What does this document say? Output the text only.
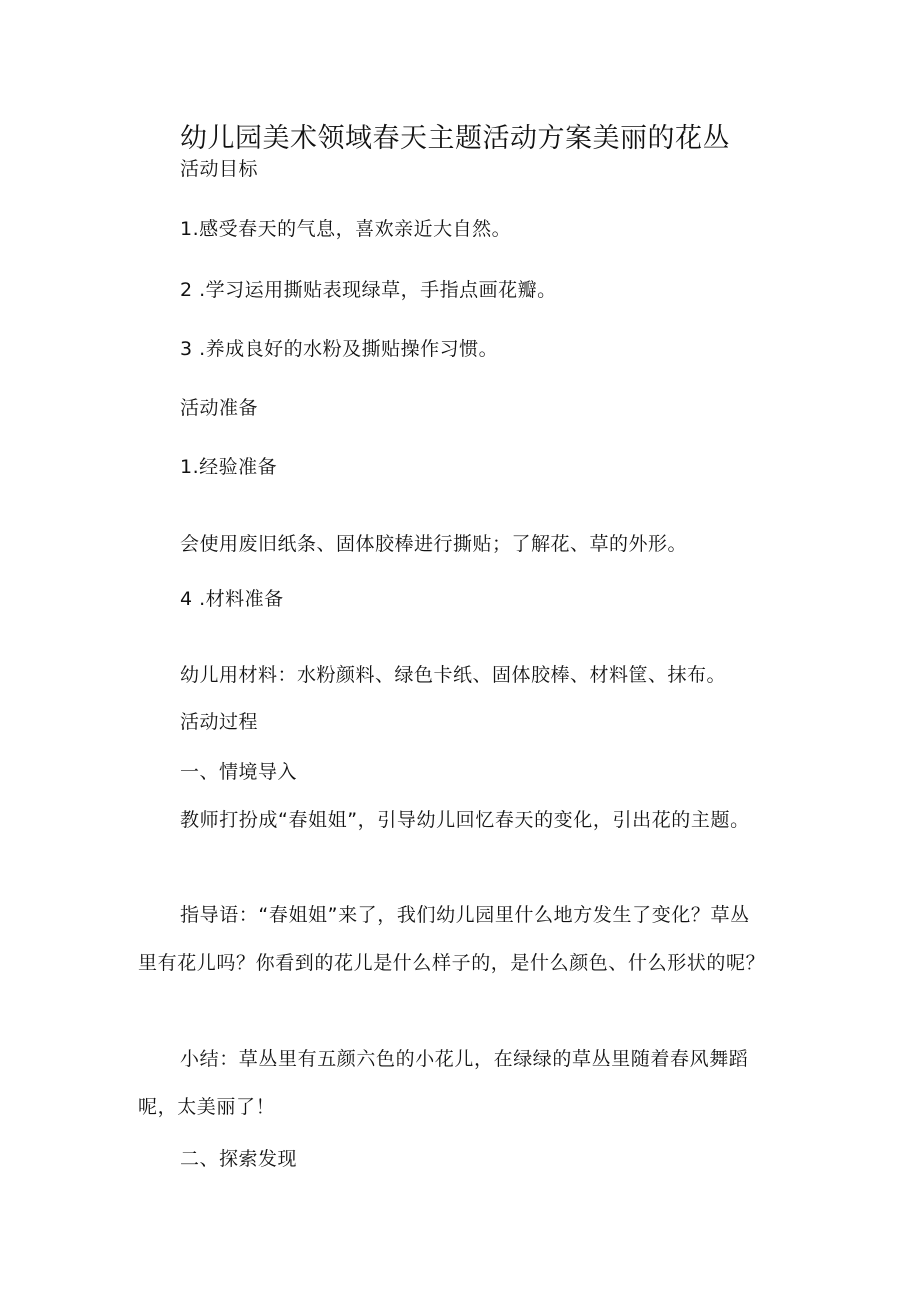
幼儿园美术领域春天主题活动方案美丽的花丛
活动目标
1.感受春天的气息，喜欢亲近大自然。
2 .学习运用撕贴表现绿草，手指点画花瓣。
3 .养成良好的水粉及撕贴操作习惯。
活动准备
1.经验准备
会使用废旧纸条、固体胶棒进行撕贴；了解花、草的外形。
4 .材料准备
幼儿用材料：水粉颜料、绿色卡纸、固体胶棒、材料筐、抹布。
活动过程
一、情境导入
教师打扮成“春姐姐”，引导幼儿回忆春天的变化，引出花的主题。
指导语：“春姐姐”来了，我们幼儿园里什么地方发生了变化？草丛里有花儿吗？你看到的花儿是什么样子的，是什么颜色、什么形状的呢？
小结：草丛里有五颜六色的小花儿，在绿绿的草丛里随着春风舞蹈呢，太美丽了！
二、探索发现
